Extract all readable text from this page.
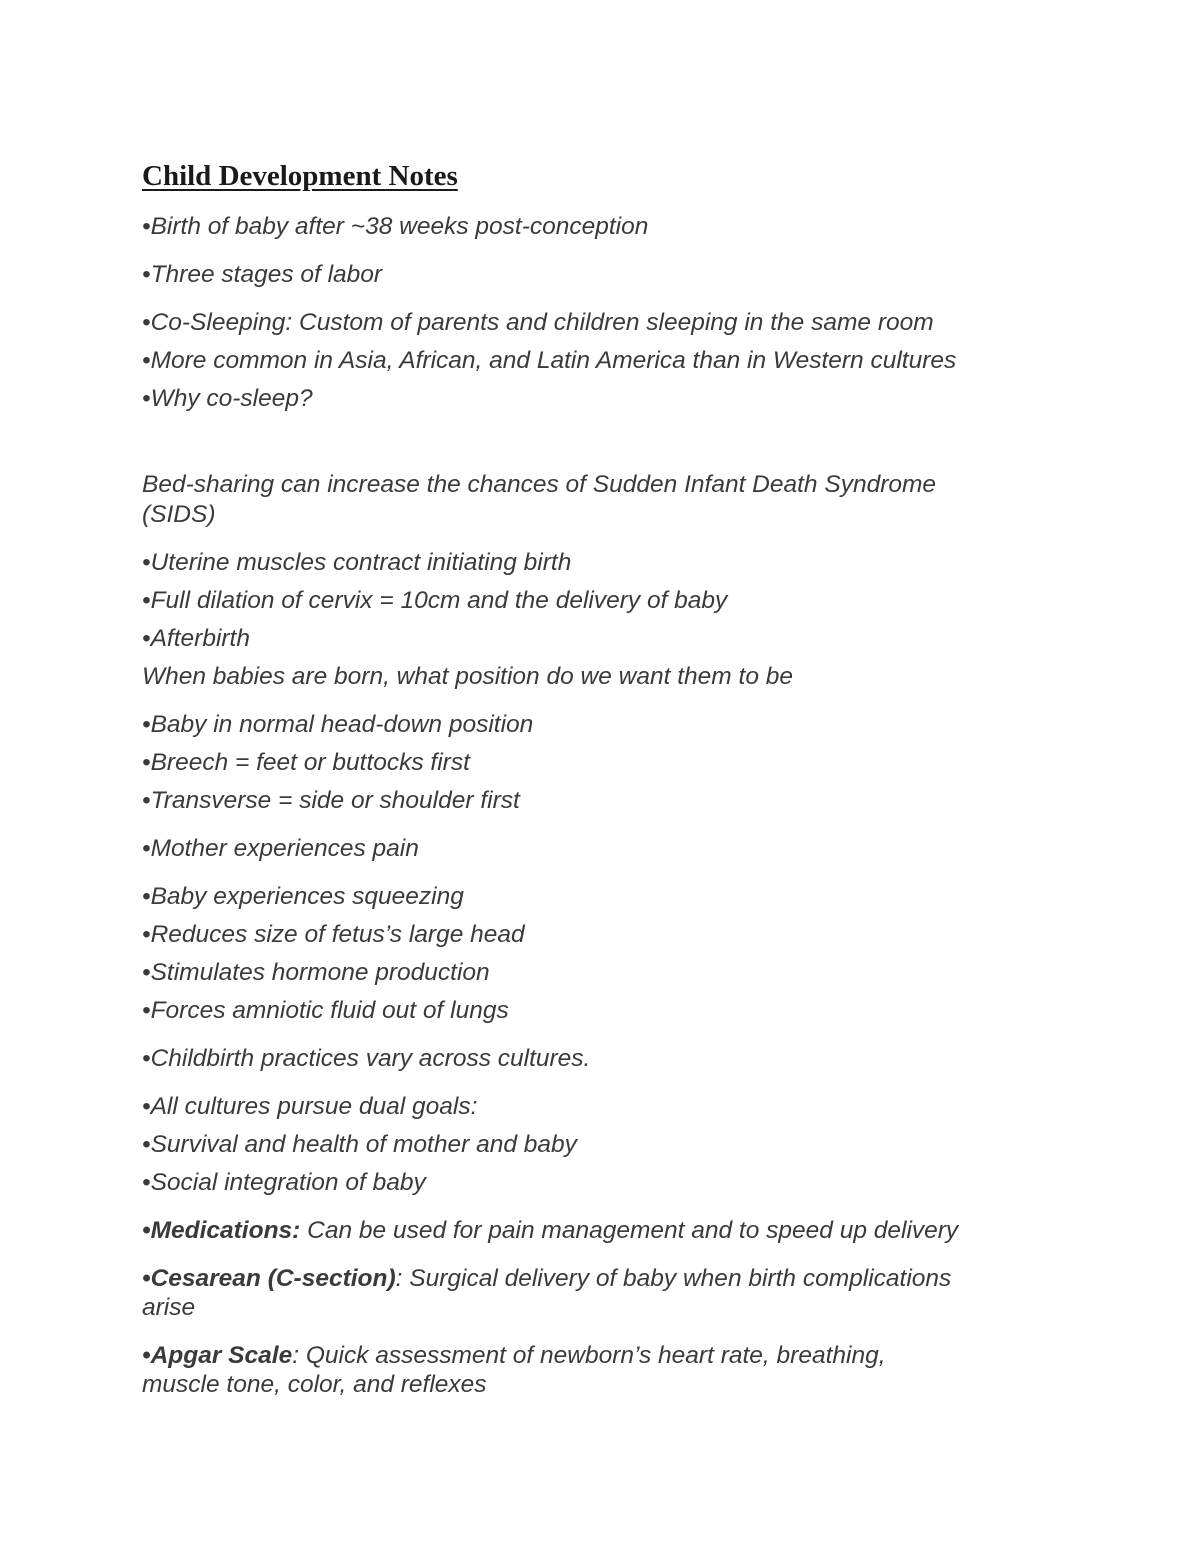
Child Development Notes

•Birth of baby after ~38 weeks post-conception

•Three stages of labor

•Co-Sleeping: Custom of parents and children sleeping in the same room

•More common in Asia, African, and Latin America than in Western cultures

•Why co-sleep?

Bed-sharing can increase the chances of Sudden Infant Death Syndrome

(SIDS)

•Uterine muscles contract initiating birth

•Full dilation of cervix = 10cm and the delivery of baby

•Afterbirth

When babies are born, what position do we want them to be

•Baby in normal head-down position

•Breech = feet or buttocks first

•Transverse = side or shoulder first

•Mother experiences pain

•Baby experiences squeezing

•Reduces size of fetus’s large head

•Stimulates hormone production

•Forces amniotic fluid out of lungs

•Childbirth practices vary across cultures.

•All cultures pursue dual goals:

•Survival and health of mother and baby

•Social integration of baby

•Medications: Can be used for pain management and to speed up delivery

•Cesarean (C-section): Surgical delivery of baby when birth complications

arise

•Apgar Scale: Quick assessment of newborn’s heart rate, breathing,

muscle tone, color, and reflexes
